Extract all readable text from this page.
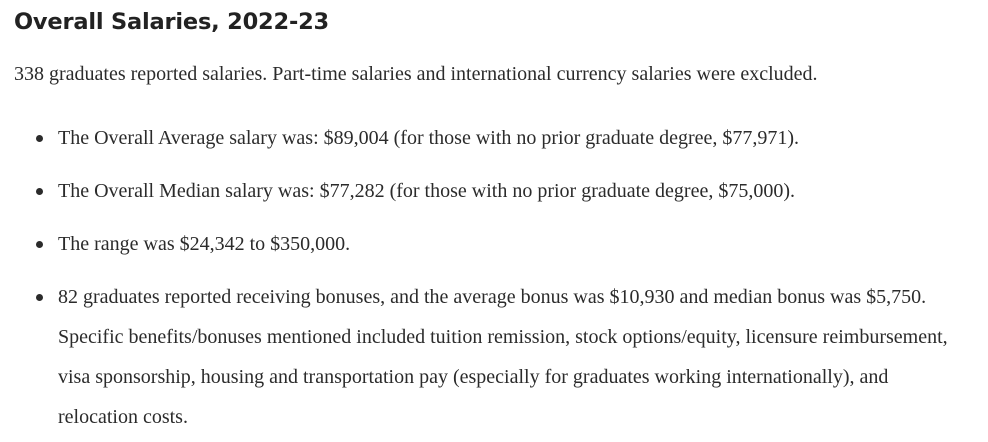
Overall Salaries, 2022-23

338 graduates reported salaries. Part-time salaries and international currency salaries were excluded.

The Overall Average salary was: $89,004 (for those with no prior graduate degree, $77,971).
The Overall Median salary was: $77,282 (for those with no prior graduate degree, $75,000).
The range was $24,342 to $350,000.
82 graduates reported receiving bonuses, and the average bonus was $10,930 and median bonus was $5,750. Specific benefits/bonuses mentioned included tuition remission, stock options/equity, licensure reimbursement, visa sponsorship, housing and transportation pay (especially for graduates working internationally), and relocation costs.
